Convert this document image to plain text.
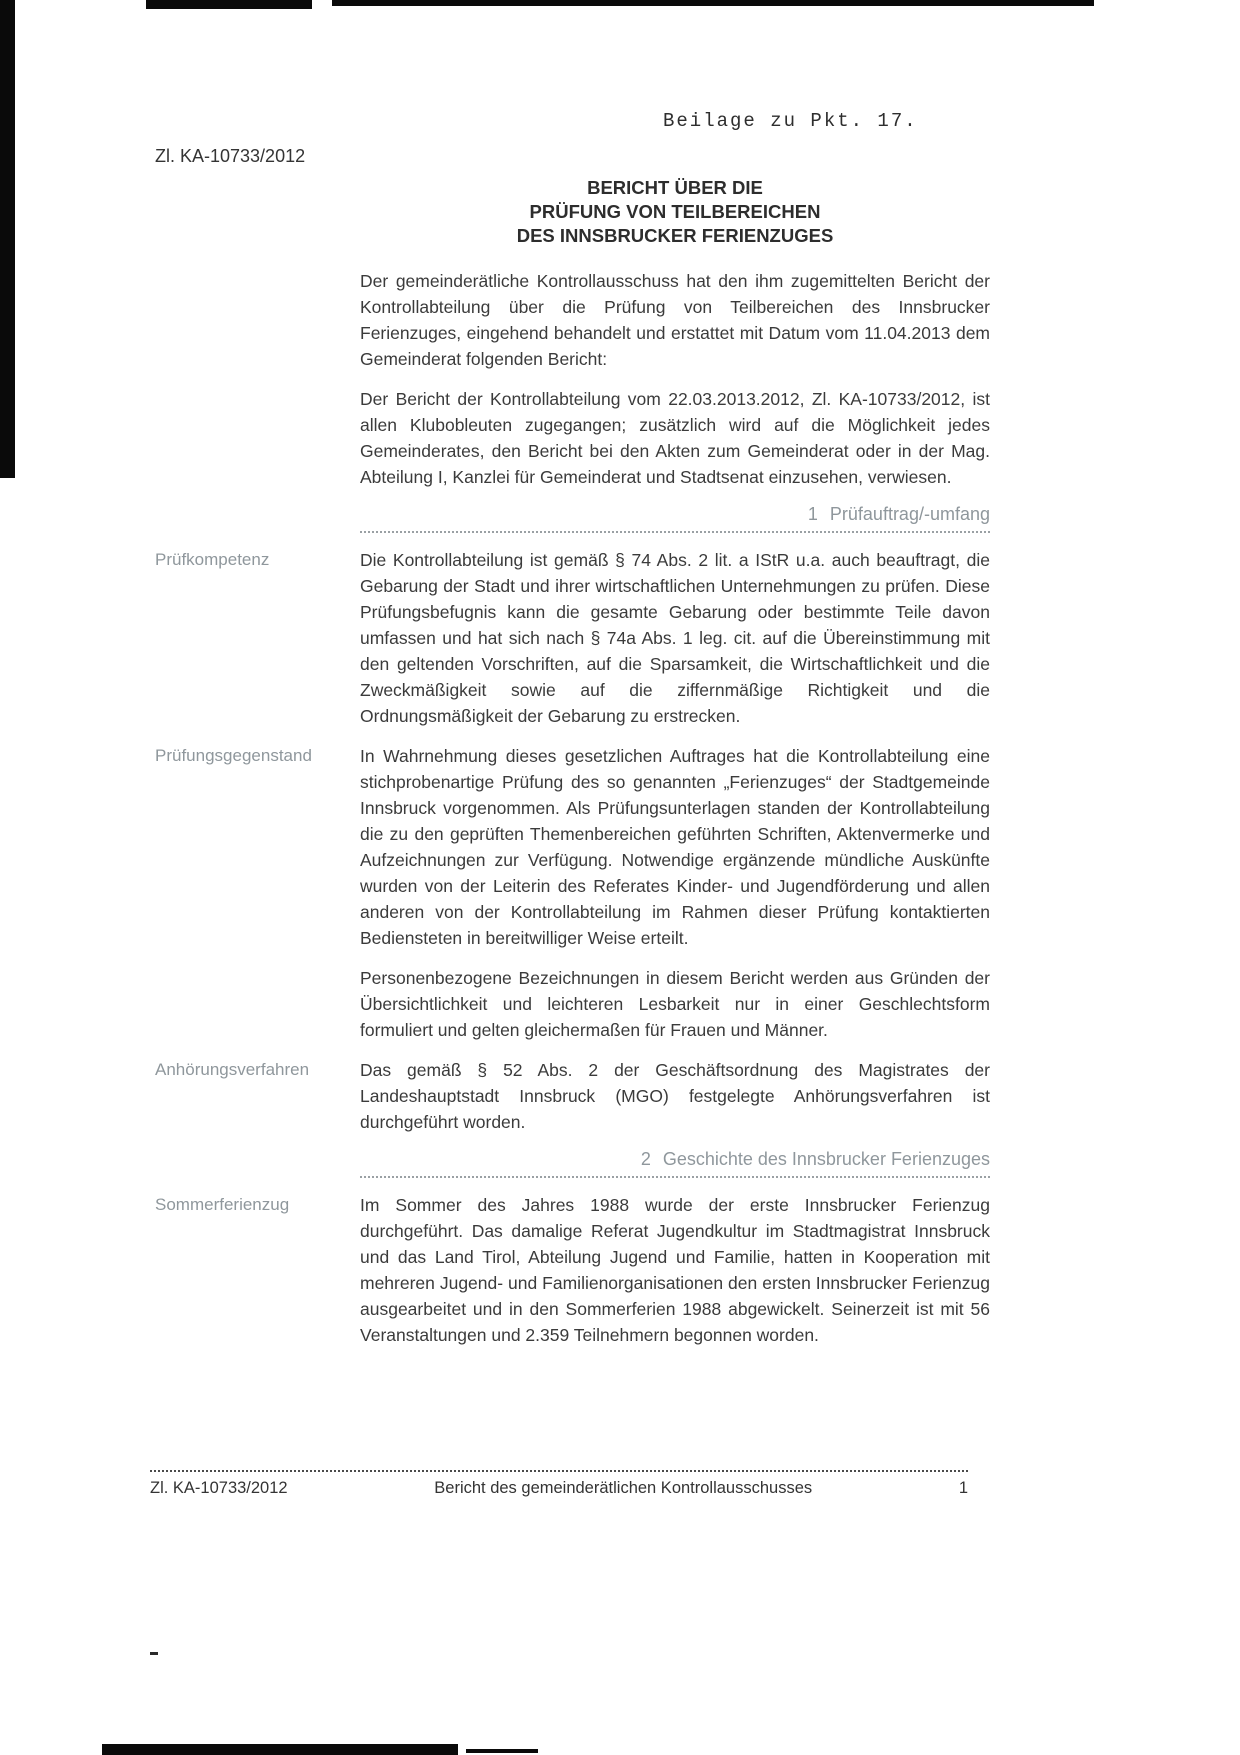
Beilage zu Pkt. 17.
Zl. KA-10733/2012
BERICHT ÜBER DIE
PRÜFUNG VON TEILBEREICHEN
DES INNSBRUCKER FERIENZUGES

Der gemeinderätliche Kontrollausschuss hat den ihm zugemittelten Bericht der Kontrollabteilung über die Prüfung von Teilbereichen des Innsbrucker Ferienzuges, eingehend behandelt und erstattet mit Datum vom 11.04.2013 dem Gemeinderat folgenden Bericht:

Der Bericht der Kontrollabteilung vom 22.03.2013.2012, Zl. KA-10733/2012, ist allen Klubobleuten zugegangen; zusätzlich wird auf die Möglichkeit jedes Gemeinderates, den Bericht bei den Akten zum Gemeinderat oder in der Mag. Abteilung I, Kanzlei für Gemeinderat und Stadtsenat einzusehen, verwiesen.

1 Prüfauftrag/-umfang
Prüfkompetenz	Die Kontrollabteilung ist gemäß § 74 Abs. 2 lit. a IStR u.a. auch beauftragt, die Gebarung der Stadt und ihrer wirtschaftlichen Unternehmungen zu prüfen. Diese Prüfungsbefugnis kann die gesamte Gebarung oder bestimmte Teile davon umfassen und hat sich nach § 74a Abs. 1 leg. cit. auf die Übereinstimmung mit den geltenden Vorschriften, auf die Sparsamkeit, die Wirtschaftlichkeit und die Zweckmäßigkeit sowie auf die ziffernmäßige Richtigkeit und die Ordnungsmäßigkeit der Gebarung zu erstrecken.

Prüfungsgegenstand	In Wahrnehmung dieses gesetzlichen Auftrages hat die Kontrollabteilung eine stichprobenartige Prüfung des so genannten „Ferienzuges“ der Stadtgemeinde Innsbruck vorgenommen. Als Prüfungsunterlagen standen der Kontrollabteilung die zu den geprüften Themenbereichen geführten Schriften, Aktenvermerke und Aufzeichnungen zur Verfügung. Notwendige ergänzende mündliche Auskünfte wurden von der Leiterin des Referates Kinder- und Jugendförderung und allen anderen von der Kontrollabteilung im Rahmen dieser Prüfung kontaktierten Bediensteten in bereitwilliger Weise erteilt.

Personenbezogene Bezeichnungen in diesem Bericht werden aus Gründen der Übersichtlichkeit und leichteren Lesbarkeit nur in einer Geschlechtsform formuliert und gelten gleichermaßen für Frauen und Männer.

Anhörungsverfahren	Das gemäß § 52 Abs. 2 der Geschäftsordnung des Magistrates der Landeshauptstadt Innsbruck (MGO) festgelegte Anhörungsverfahren ist durchgeführt worden.

2 Geschichte des Innsbrucker Ferienzuges
Sommerferienzug	Im Sommer des Jahres 1988 wurde der erste Innsbrucker Ferienzug durchgeführt. Das damalige Referat Jugendkultur im Stadtmagistrat Innsbruck und das Land Tirol, Abteilung Jugend und Familie, hatten in Kooperation mit mehreren Jugend- und Familienorganisationen den ersten Innsbrucker Ferienzug ausgearbeitet und in den Sommerferien 1988 abgewickelt. Seinerzeit ist mit 56 Veranstaltungen und 2.359 Teilnehmern begonnen worden.

Zl. KA-10733/2012	Bericht des gemeinderätlichen Kontrollausschusses	1
